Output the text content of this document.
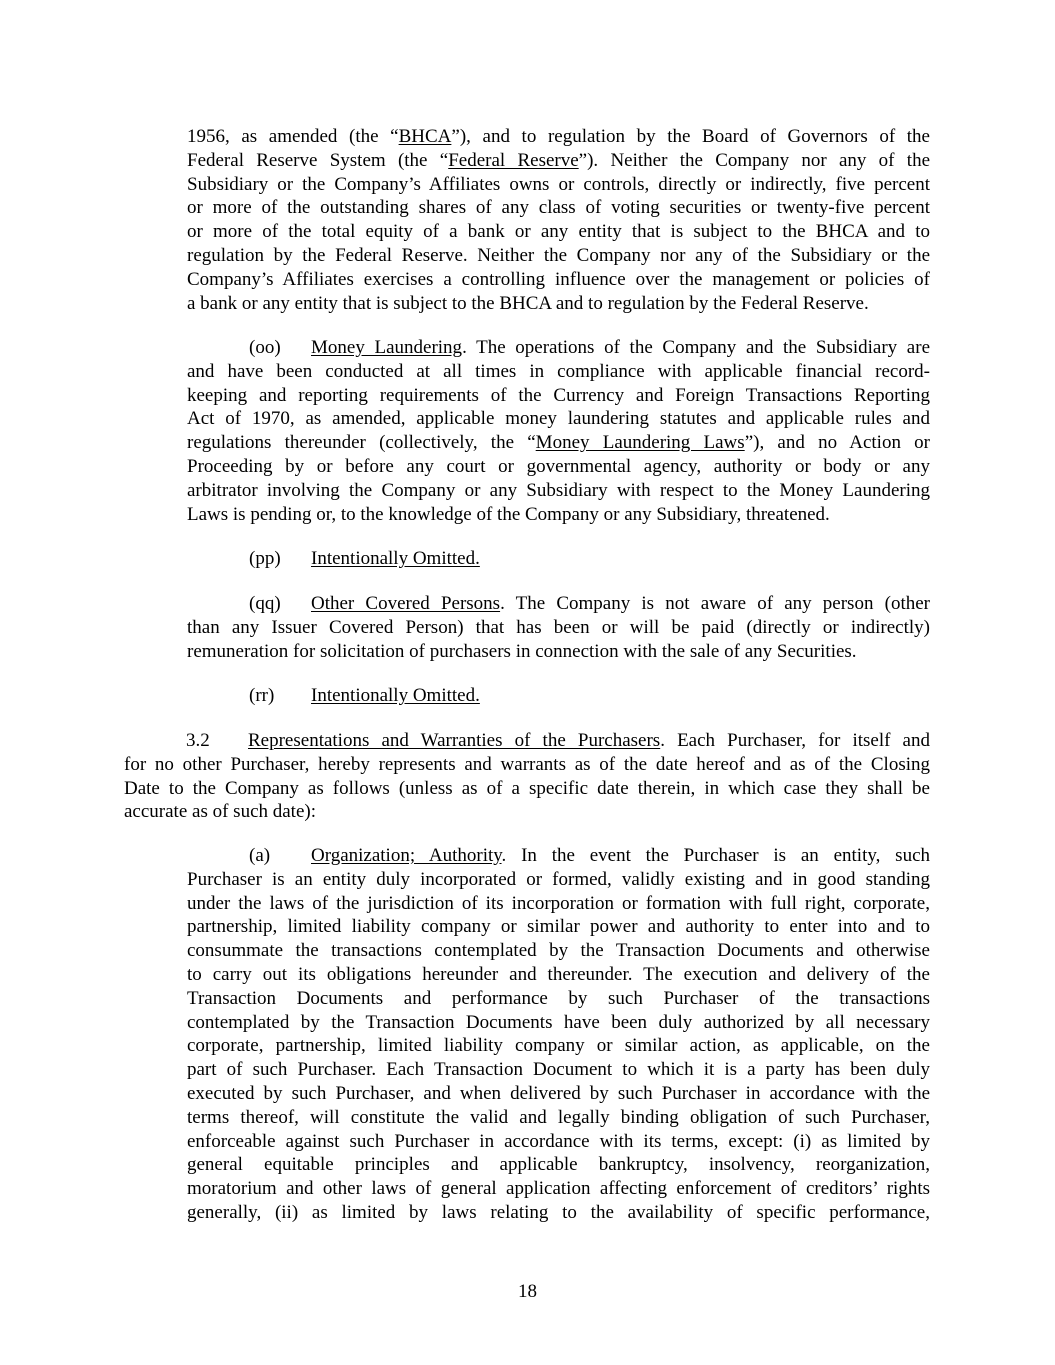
1956, as amended (the “BHCA”), and to regulation by the Board of Governors of the
Federal Reserve System (the “Federal Reserve”). Neither the Company nor any of the
Subsidiary or the Company’s Affiliates owns or controls, directly or indirectly, five percent
or more of the outstanding shares of any class of voting securities or twenty-five percent
or more of the total equity of a bank or any entity that is subject to the BHCA and to
regulation by the Federal Reserve. Neither the Company nor any of the Subsidiary or the
Company’s Affiliates exercises a controlling influence over the management or policies of
a bank or any entity that is subject to the BHCA and to regulation by the Federal Reserve.
(oo) Money Laundering. The operations of the Company and the Subsidiary are
and have been conducted at all times in compliance with applicable financial record-
keeping and reporting requirements of the Currency and Foreign Transactions Reporting
Act of 1970, as amended, applicable money laundering statutes and applicable rules and
regulations thereunder (collectively, the “Money Laundering Laws”), and no Action or
Proceeding by or before any court or governmental agency, authority or body or any
arbitrator involving the Company or any Subsidiary with respect to the Money Laundering
Laws is pending or, to the knowledge of the Company or any Subsidiary, threatened.
(pp) Intentionally Omitted.
(qq) Other Covered Persons. The Company is not aware of any person (other
than any Issuer Covered Person) that has been or will be paid (directly or indirectly)
remuneration for solicitation of purchasers in connection with the sale of any Securities.
(rr) Intentionally Omitted.
3.2 Representations and Warranties of the Purchasers. Each Purchaser, for itself and
for no other Purchaser, hereby represents and warrants as of the date hereof and as of the Closing
Date to the Company as follows (unless as of a specific date therein, in which case they shall be
accurate as of such date):
(a) Organization; Authority. In the event the Purchaser is an entity, such
Purchaser is an entity duly incorporated or formed, validly existing and in good standing
under the laws of the jurisdiction of its incorporation or formation with full right, corporate,
partnership, limited liability company or similar power and authority to enter into and to
consummate the transactions contemplated by the Transaction Documents and otherwise
to carry out its obligations hereunder and thereunder. The execution and delivery of the
Transaction Documents and performance by such Purchaser of the transactions
contemplated by the Transaction Documents have been duly authorized by all necessary
corporate, partnership, limited liability company or similar action, as applicable, on the
part of such Purchaser. Each Transaction Document to which it is a party has been duly
executed by such Purchaser, and when delivered by such Purchaser in accordance with the
terms thereof, will constitute the valid and legally binding obligation of such Purchaser,
enforceable against such Purchaser in accordance with its terms, except: (i) as limited by
general equitable principles and applicable bankruptcy, insolvency, reorganization,
moratorium and other laws of general application affecting enforcement of creditors’ rights
generally, (ii) as limited by laws relating to the availability of specific performance,
18
